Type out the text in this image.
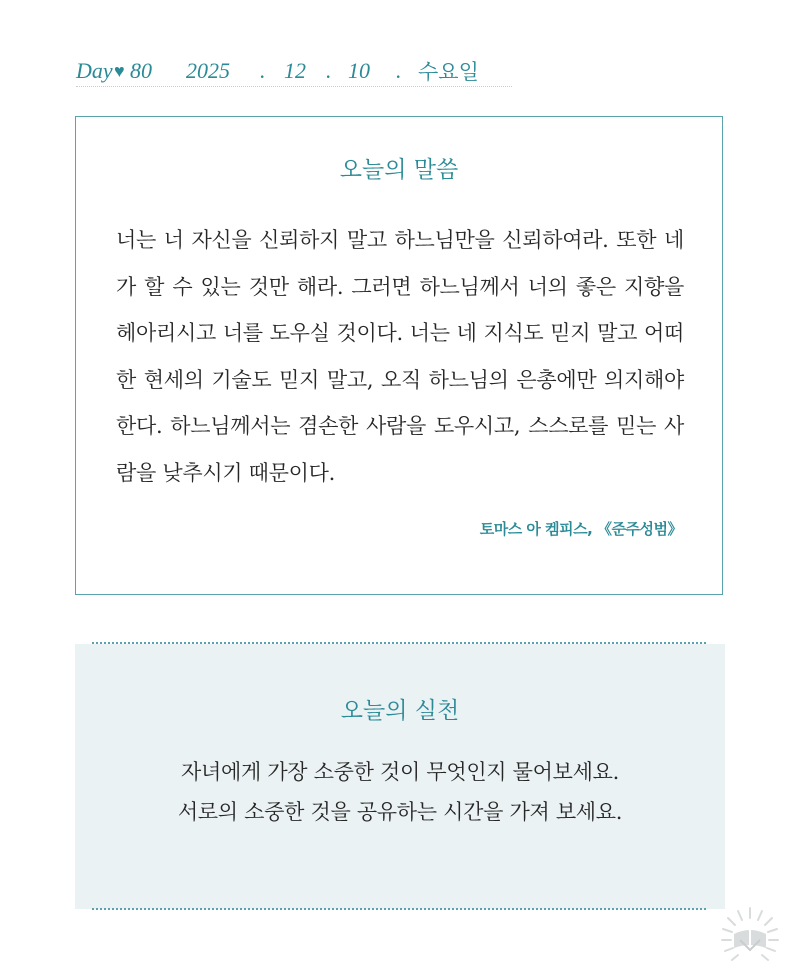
Day ♥ 80 2025 . 12 . 10 . 수요일
오늘의 말씀

너는 너 자신을 신뢰하지 말고 하느님만을 신뢰하여라. 또한 네가 할 수 있는 것만 해라. 그러면 하느님께서 너의 좋은 지향을 헤아리시고 너를 도우실 것이다. 너는 네 지식도 믿지 말고 어떠한 현세의 기술도 믿지 말고, 오직 하느님의 은총에만 의지해야 한다. 하느님께서는 겸손한 사람을 도우시고, 스스로를 믿는 사람을 낮추시기 때문이다.

토마스 아 켐피스, 《준주성범》
오늘의 실천
자녀에게 가장 소중한 것이 무엇인지 물어보세요.
서로의 소중한 것을 공유하는 시간을 가져 보세요.
